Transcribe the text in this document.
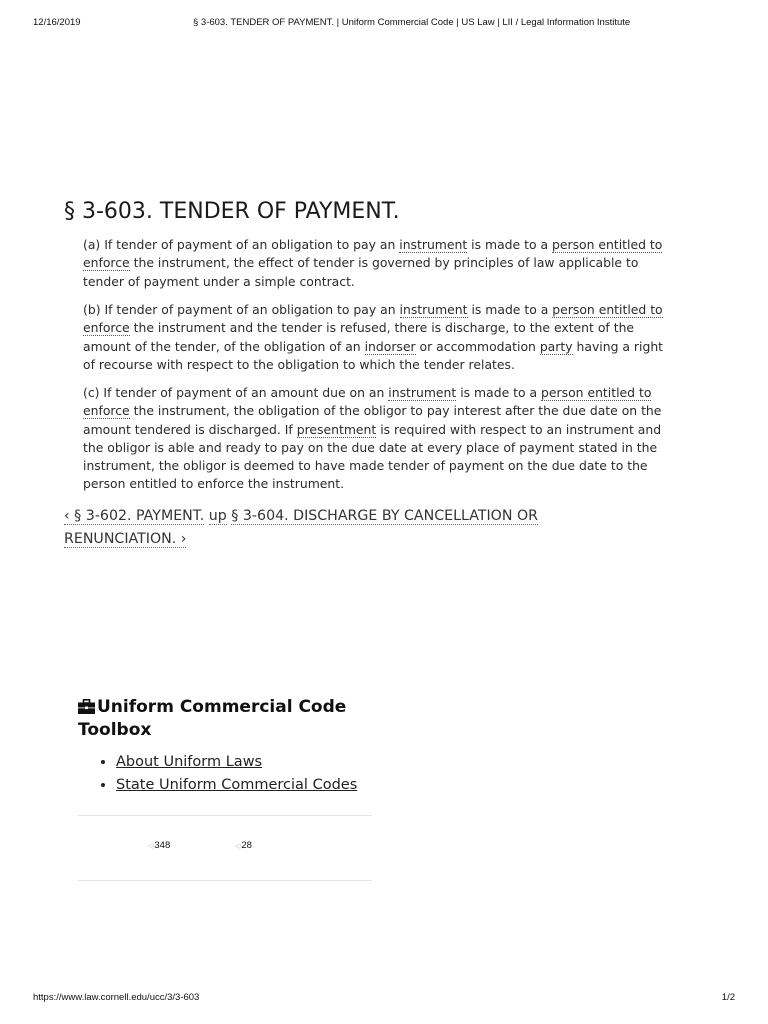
12/16/2019	§ 3-603. TENDER OF PAYMENT. | Uniform Commercial Code | US Law | LII / Legal Information Institute
§ 3-603. TENDER OF PAYMENT.

(a) If tender of payment of an obligation to pay an instrument is made to a person entitled to enforce the instrument, the effect of tender is governed by principles of law applicable to tender of payment under a simple contract.

(b) If tender of payment of an obligation to pay an instrument is made to a person entitled to enforce the instrument and the tender is refused, there is discharge, to the extent of the amount of the tender, of the obligation of an indorser or accommodation party having a right of recourse with respect to the obligation to which the tender relates.

(c) If tender of payment of an amount due on an instrument is made to a person entitled to enforce the instrument, the obligation of the obligor to pay interest after the due date on the amount tendered is discharged. If presentment is required with respect to an instrument and the obligor is able and ready to pay on the due date at every place of payment stated in the instrument, the obligor is deemed to have made tender of payment on the due date to the person entitled to enforce the instrument.

‹ § 3-602. PAYMENT. up § 3-604. DISCHARGE BY CANCELLATION OR RENUNCIATION. ›
Uniform Commercial Code Toolbox
• About Uniform Laws
• State Uniform Commercial Codes
◁348	◁28
https://www.law.cornell.edu/ucc/3/3-603	1/2
